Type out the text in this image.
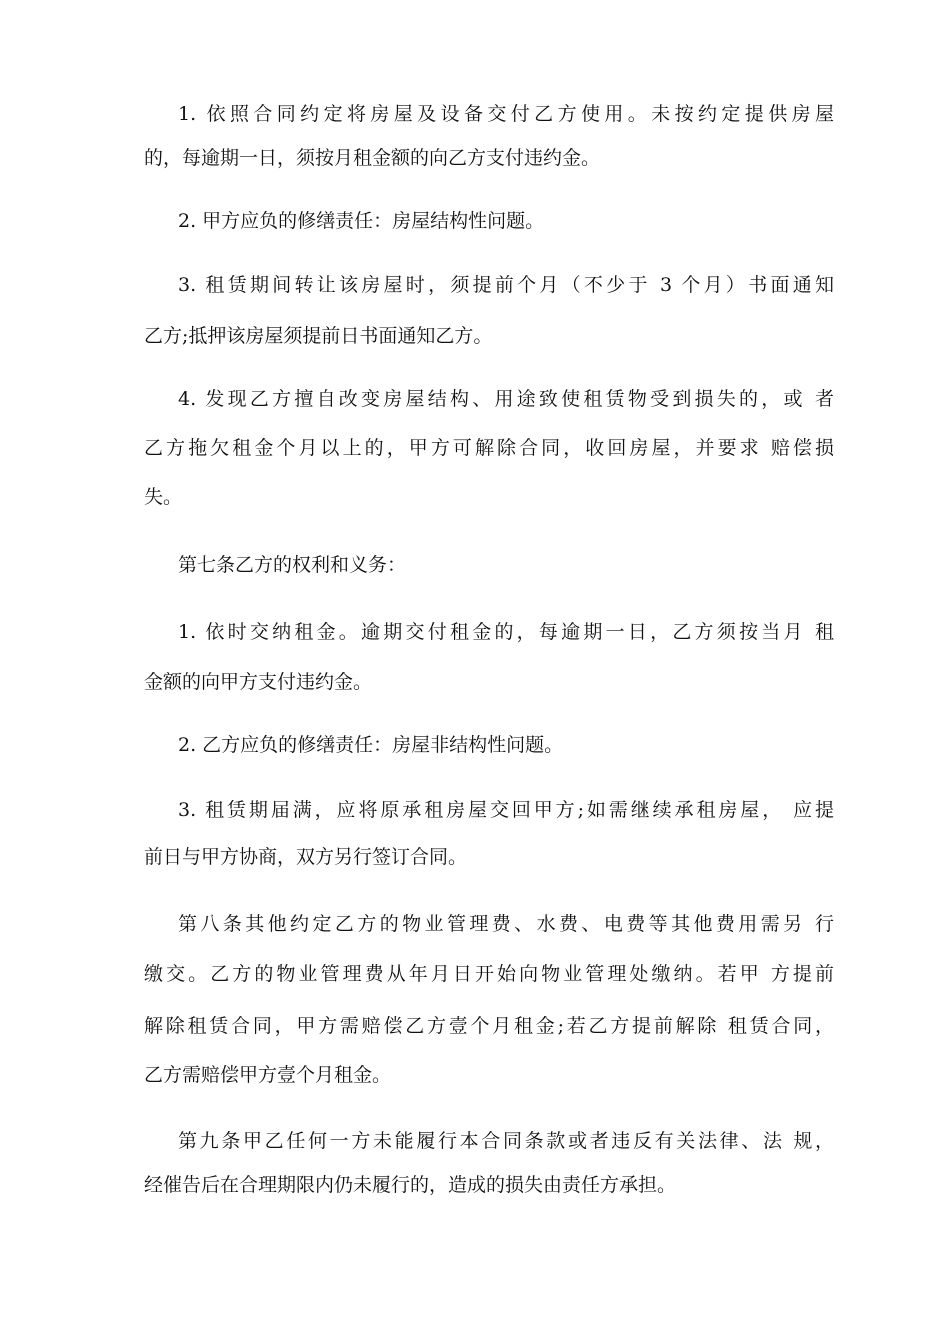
1. 依照合同约定将房屋及设备交付乙方使用。未按约定提供房屋
的，每逾期一日，须按月租金额的向乙方支付违约金。
2. 甲方应负的修缮责任：房屋结构性问题。
3. 租赁期间转让该房屋时，须提前个月（不少于 3 个月）书面通知
乙方;抵押该房屋须提前日书面通知乙方。
4. 发现乙方擅自改变房屋结构、用途致使租赁物受到损失的，或 者
乙方拖欠租金个月以上的，甲方可解除合同，收回房屋，并要求 赔偿损
失。
第七条乙方的权利和义务：
1. 依时交纳租金。逾期交付租金的，每逾期一日，乙方须按当月 租
金额的向甲方支付违约金。
2. 乙方应负的修缮责任：房屋非结构性问题。
3. 租赁期届满，应将原承租房屋交回甲方;如需继续承租房屋， 应提
前日与甲方协商，双方另行签订合同。
第八条其他约定乙方的物业管理费、水费、电费等其他费用需另 行
缴交。乙方的物业管理费从年月日开始向物业管理处缴纳。若甲 方提前
解除租赁合同，甲方需赔偿乙方壹个月租金;若乙方提前解除 租赁合同，
乙方需赔偿甲方壹个月租金。
第九条甲乙任何一方未能履行本合同条款或者违反有关法律、法 规，
经催告后在合理期限内仍未履行的，造成的损失由责任方承担。
